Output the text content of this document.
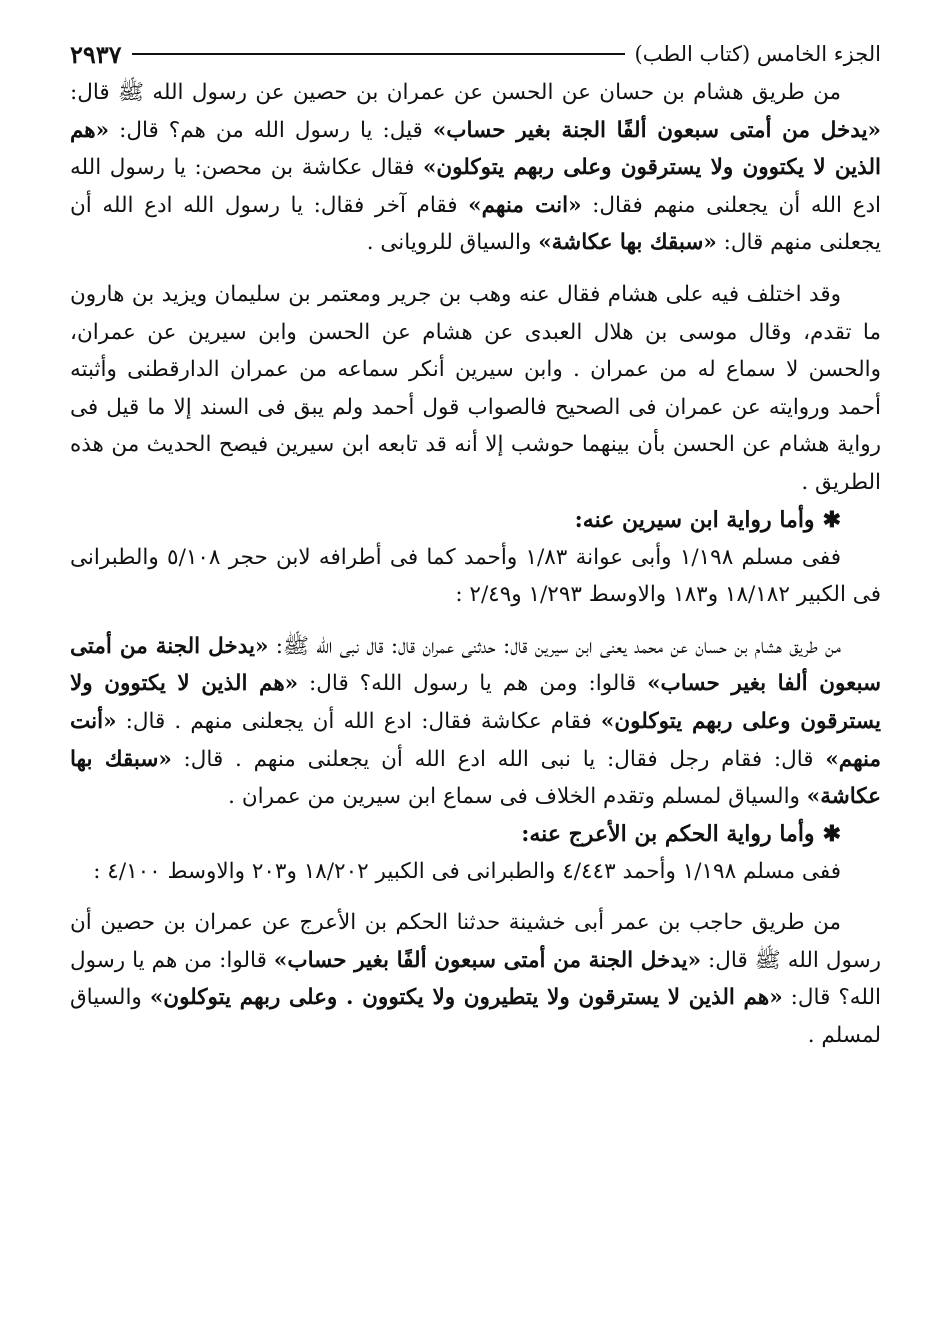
الجزء الخامس (كتاب الطب)
٢٩٣٧

من طريق هشام بن حسان عن الحسن عن عمران بن حصين عن رسول الله ﷺ قال: «يدخل من أمتى سبعون ألفًا الجنة بغير حساب» قيل: يا رسول الله من هم؟ قال: «هم الذين لا يكتوون ولا يسترقون وعلى ربهم يتوكلون» فقال عكاشة بن محصن: يا رسول الله ادع الله أن يجعلنى منهم فقال: «انت منهم» فقام آخر فقال: يا رسول الله ادع الله أن يجعلنى منهم قال: «سبقك بها عكاشة» والسياق للرويانى .

وقد اختلف فيه على هشام فقال عنه وهب بن جرير ومعتمر بن سليمان ويزيد بن هارون ما تقدم، وقال موسى بن هلال العبدى عن هشام عن الحسن وابن سيرين عن عمران، والحسن لا سماع له من عمران . وابن سيرين أنكر سماعه من عمران الدارقطنى وأثبته أحمد وروايته عن عمران فى الصحيح فالصواب قول أحمد ولم يبق فى السند إلا ما قيل فى رواية هشام عن الحسن بأن بينهما حوشب إلا أنه قد تابعه ابن سيرين فيصح الحديث من هذه الطريق .

✱وأما رواية ابن سيرين عنه:

ففى مسلم ١/١٩٨ وأبى عوانة ١/٨٣ وأحمد كما فى أطرافه لابن حجر ٥/١٠٨ والطبرانى فى الكبير ١٨/١٨٢ و١٨٣ والاوسط ١/٢٩٣ و٢/٤٩ :

من طريق هشام بن حسان عن محمد يعنى ابن سيرين قال: حدثنى عمران قال: قال نبى الله ﷺ: «يدخل الجنة من أمتى سبعون ألفا بغير حساب» قالوا: ومن هم يا رسول الله؟ قال: «هم الذين لا يكتوون ولا يسترقون وعلى ربهم يتوكلون» فقام عكاشة فقال: ادع الله أن يجعلنى منهم . قال: «أنت منهم» قال: فقام رجل فقال: يا نبى الله ادع الله أن يجعلنى منهم . قال: «سبقك بها عكاشة» والسياق لمسلم وتقدم الخلاف فى سماع ابن سيرين من عمران .

✱وأما رواية الحكم بن الأعرج عنه:

ففى مسلم ١/١٩٨ وأحمد ٤/٤٤٣ والطبرانى فى الكبير ١٨/٢٠٢ و٢٠٣ والاوسط ٤/١٠٠ :

من طريق حاجب بن عمر أبى خشينة حدثنا الحكم بن الأعرج عن عمران بن حصين أن رسول الله ﷺ قال: «يدخل الجنة من أمتى سبعون ألفًا بغير حساب» قالوا: من هم يا رسول الله؟ قال: «هم الذين لا يسترقون ولا يتطيرون ولا يكتوون . وعلى ربهم يتوكلون» والسياق لمسلم .
